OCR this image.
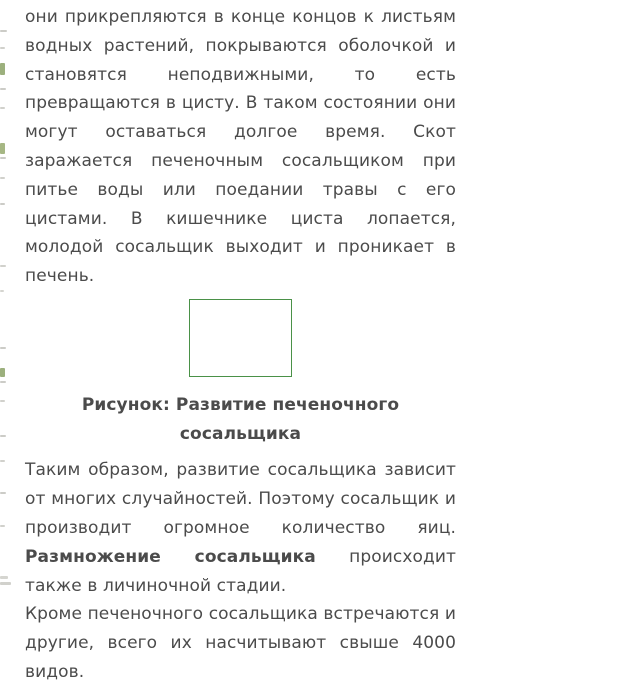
они прикрепляются в конце концов к листьям водных растений, покрываются оболочкой и становятся неподвижными, то есть превращаются в цисту. В таком состоянии они могут оставаться долгое время. Скот заражается печеночным сосальщиком при питье воды или поедании травы с его цистами. В кишечнике циста лопается, молодой сосальщик выходит и проникает в печень.

Рисунок: Развитие печеночного сосальщика

Таким образом, развитие сосальщика зависит от многих случайностей. Поэтому сосальщик и производит огромное количество яиц. Размножение сосальщика происходит также в личиночной стадии.

Кроме печеночного сосальщика встречаются и другие, всего их насчитывают свыше 4000 видов.
